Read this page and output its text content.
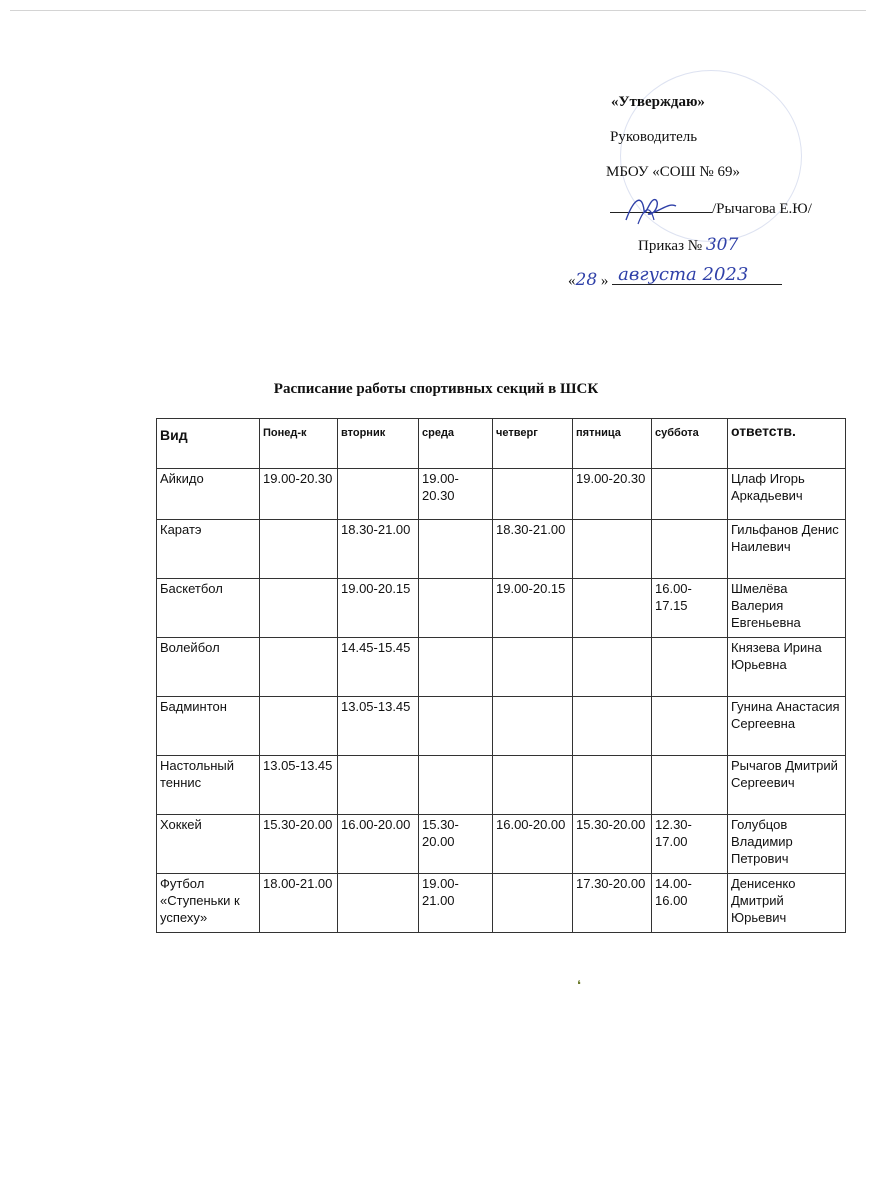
«Утверждаю»
Руководитель
МБОУ «СОШ № 69»
/Рычагова Е.Ю/
Приказ № 307
«28 » августа 2023
Расписание работы спортивных секций в ШСК
Вид	Понед-к	вторник	среда	четверг	пятница	суббота	ответств.
Айкидо	19.00-20.30		19.00-20.30		19.00-20.30		Цлаф Игорь Аркадьевич
Каратэ		18.30-21.00		18.30-21.00			Гильфанов Денис Наилевич
Баскетбол		19.00-20.15		19.00-20.15		16.00-17.15	Шмелёва Валерия Евгеньевна
Волейбол		14.45-15.45					Князева Ирина Юрьевна
Бадминтон		13.05-13.45					Гунина Анастасия Сергеевна
Настольный теннис	13.05-13.45						Рычагов Дмитрий Сергеевич
Хоккей	15.30-20.00	16.00-20.00	15.30-20.00	16.00-20.00	15.30-20.00	12.30-17.00	Голубцов Владимир Петрович
Футбол «Ступеньки к успеху»	18.00-21.00		19.00-21.00		17.30-20.00	14.00-16.00	Денисенко Дмитрий Юрьевич
❛
